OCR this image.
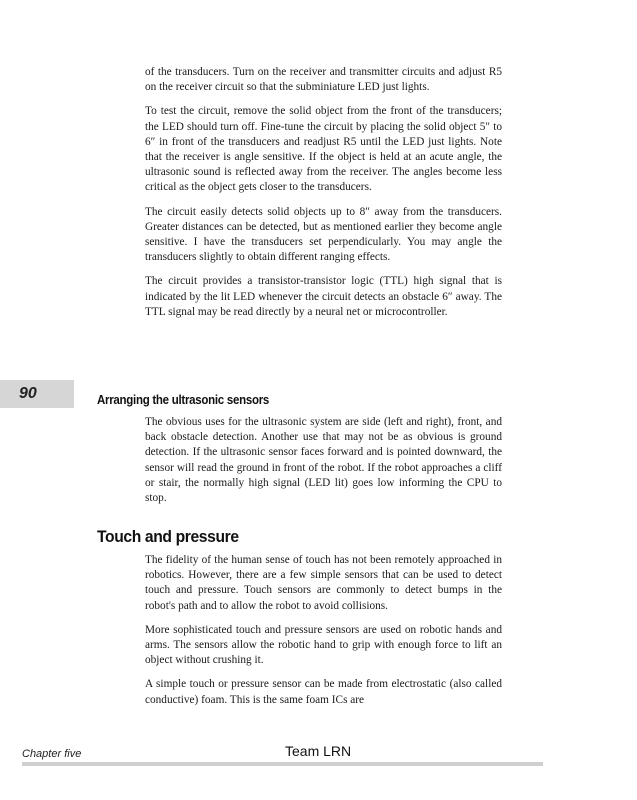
of the transducers. Turn on the receiver and transmitter circuits and adjust R5 on the receiver circuit so that the subminiature LED just lights.

To test the circuit, remove the solid object from the front of the transducers; the LED should turn off. Fine-tune the circuit by placing the solid object 5″ to 6″ in front of the transducers and readjust R5 until the LED just lights. Note that the receiver is angle sensitive. If the object is held at an acute angle, the ultrasonic sound is reflected away from the receiver. The angles become less critical as the object gets closer to the transducers.

The circuit easily detects solid objects up to 8″ away from the transducers. Greater distances can be detected, but as mentioned earlier they become angle sensitive. I have the transducers set perpendicularly. You may angle the transducers slightly to obtain different ranging effects.

The circuit provides a transistor-transistor logic (TTL) high signal that is indicated by the lit LED whenever the circuit detects an obstacle 6″ away. The TTL signal may be read directly by a neural net or microcontroller.

90	Arranging the ultrasonic sensors

The obvious uses for the ultrasonic system are side (left and right), front, and back obstacle detection. Another use that may not be as obvious is ground detection. If the ultrasonic sensor faces forward and is pointed downward, the sensor will read the ground in front of the robot. If the robot approaches a cliff or stair, the normally high signal (LED lit) goes low informing the CPU to stop.

Touch and pressure

The fidelity of the human sense of touch has not been remotely approached in robotics. However, there are a few simple sensors that can be used to detect touch and pressure. Touch sensors are commonly to detect bumps in the robot's path and to allow the robot to avoid collisions.

More sophisticated touch and pressure sensors are used on robotic hands and arms. The sensors allow the robotic hand to grip with enough force to lift an object without crushing it.

A simple touch or pressure sensor can be made from electrostatic (also called conductive) foam. This is the same foam ICs are

Chapter five	Team LRN
